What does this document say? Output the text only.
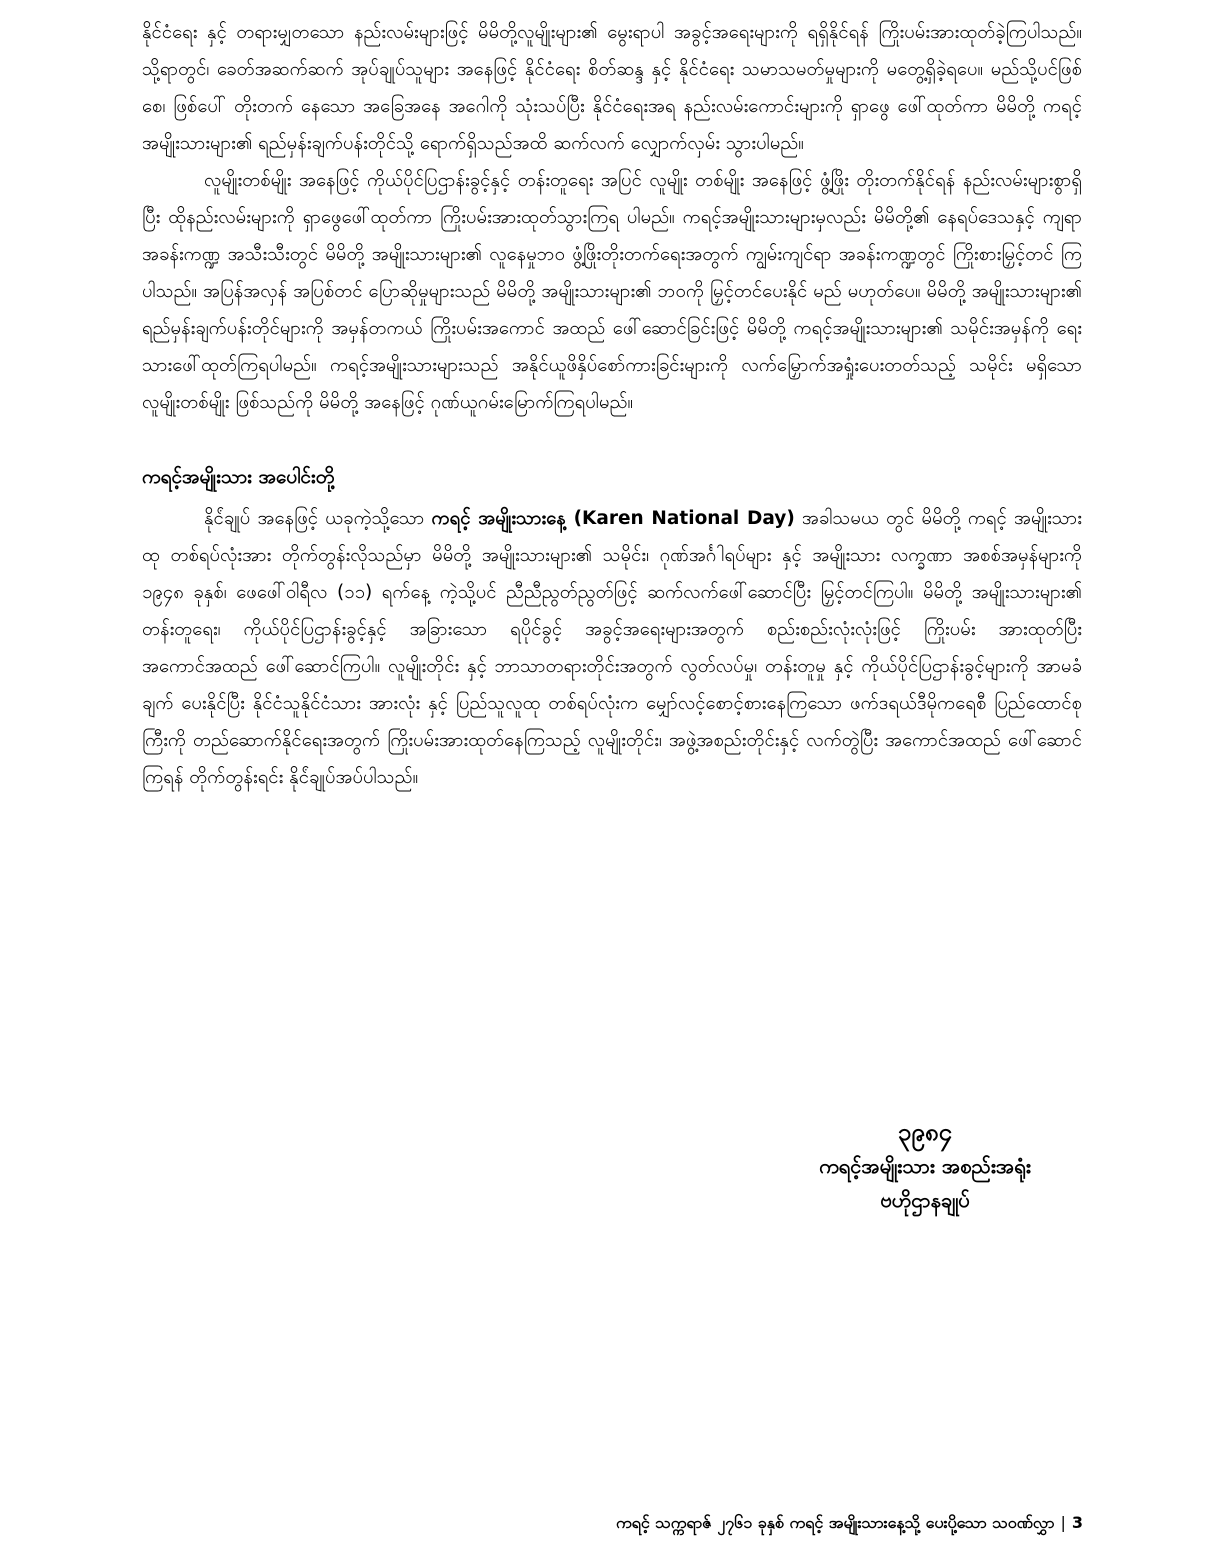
နိုင်ငံရေး နှင့် တရားမျှတသော နည်းလမ်းများဖြင့် မိမိတို့လူမျိုးများ၏ မွေးရာပါ အခွင့်အရေးများကို ရရှိနိုင်ရန် ကြိုးပမ်းအားထုတ်ခဲ့ကြပါသည်။ သို့ရာတွင်၊ ခေတ်အဆက်ဆက် အုပ်ချုပ်သူများ အနေဖြင့် နိုင်ငံရေး စိတ်ဆန္ဒ နှင့် နိုင်ငံရေး သမာသမတ်မှုများကို မတွေ့ရှိခဲ့ရပေ။ မည်သို့ပင်ဖြစ်စေ၊ ဖြစ်ပေါ် တိုးတက် နေသော အခြေအနေ အဂေါကို သုံးသပ်ပြီး နိုင်ငံရေးအရ နည်းလမ်းကောင်းများကို ရှာဖွေ ဖေါ်ထုတ်ကာ မိမိတို့ ကရင့်အမျိုးသားများ၏ ရည်မှန်းချက်ပန်းတိုင်သို့ ရောက်ရှိသည်အထိ ဆက်လက် လျှောက်လှမ်း သွားပါမည်။

လူမျိုးတစ်မျိုး အနေဖြင့် ကိုယ်ပိုင်ပြဌာန်းခွင့်နှင့် တန်းတူရေး အပြင် လူမျိုး တစ်မျိုး အနေဖြင့် ဖွံ့ဖြိုး တိုးတက်နိုင်ရန် နည်းလမ်းများစွာရှိပြီး ထိုနည်းလမ်းများကို ရှာဖွေဖေါ်ထုတ်ကာ ကြိုးပမ်းအားထုတ်သွားကြရ ပါမည်။ ကရင့်အမျိုးသားများမှလည်း မိမိတို့၏ နေရပ်ဒေသနှင့် ကျရာ အခန်းကဏ္ဍ အသီးသီးတွင် မိမိတို့ အမျိုးသားများ၏ လူနေမှုဘဝ ဖွံ့ဖြိုးတိုးတက်ရေးအတွက် ကျွမ်းကျင်ရာ အခန်းကဏ္ဍတွင် ကြိုးစားမြှင့်တင် ကြပါသည်။ အပြန်အလှန် အပြစ်တင် ပြောဆိုမှုများသည် မိမိတို့ အမျိုးသားများ၏ ဘဝကို မြှင့်တင်ပေးနိုင် မည် မဟုတ်ပေ။ မိမိတို့ အမျိုးသားများ၏ ရည်မှန်းချက်ပန်းတိုင်များကို အမှန်တကယ် ကြိုးပမ်းအကောင် အထည် ဖေါ်ဆောင်ခြင်းဖြင့် မိမိတို့ ကရင့်အမျိုးသားများ၏ သမိုင်းအမှန်ကို ရေးသားဖေါ်ထုတ်ကြရပါမည်။ ကရင့်အမျိုးသားများသည် အနိုင်ယူဖိနှိပ်စော်ကားခြင်းများကို လက်မြှောက်အရှုံးပေးတတ်သည့် သမိုင်း မရှိသော လူမျိုးတစ်မျိုး ဖြစ်သည်ကို မိမိတို့ အနေဖြင့် ဂုဏ်ယူဂမ်းမြောက်ကြရပါမည်။

ကရင့်အမျိုးသား အပေါင်းတို့

နိုင်ံချုပ် အနေဖြင့် ယခုကဲ့သို့သော ကရင့် အမျိုးသားနေ့ (Karen National Day) အခါသမယ တွင် မိမိတို့ ကရင့် အမျိုးသားထု တစ်ရပ်လုံးအား တိုက်တွန်းလိုသည်မှာ မိမိတို့ အမျိုးသားများ၏ သမိုင်း၊ ဂုဏ်အင်္ဂါရပ်များ နှင့် အမျိုးသား လက္ခဏာ အစစ်အမှန်များကို ၁၉၄၈ ခုနှစ်၊ ဖေဖေါ်ဝါရီလ (၁၁) ရက်နေ့ ကဲ့သို့ပင် ညီညီညွတ်ညွတ်ဖြင့် ဆက်လက်ဖေါ်ဆောင်ပြီး မြှင့်တင်ကြပါ။ မိမိတို့ အမျိုးသားများ၏ တန်းတူရေး၊ ကိုယ်ပိုင်ပြဌာန်းခွင့်နှင့် အခြားသော ရပိုင်ခွင့် အခွင့်အရေးများအတွက် စည်းစည်းလုံးလုံးဖြင့် ကြိုးပမ်း အားထုတ်ပြီး အကောင်အထည် ဖေါ်ဆောင်ကြပါ။ လူမျိုးတိုင်း နှင့် ဘာသာတရားတိုင်းအတွက် လွတ်လပ်မှု၊ တန်းတူမှု နှင့် ကိုယ်ပိုင်ပြဌာန်းခွင့်များကို အာမခံချက် ပေးနိုင်ပြီး နိုင်ငံသူနိုင်ငံသား အားလုံး နှင့် ပြည်သူလူထု တစ်ရပ်လုံးက မျှော်လင့်စောင့်စားနေကြသော ဖက်ဒရယ်ဒီမိုကရေစီ ပြည်ထောင်စုကြီးကို တည်ဆောက်နိုင်ရေးအတွက် ကြိုးပမ်းအားထုတ်နေကြသည့် လူမျိုးတိုင်း၊ အဖွဲ့အစည်းတိုင်းနှင့် လက်တွဲပြီး အကောင်အထည် ဖေါ်ဆောင်ကြရန် တိုက်တွန်းရင်း နိုင်ံချုပ်အပ်ပါသည်။

၃၉၈၄
ကရင့်အမျိုးသား အစည်းအရုံး
ဗဟိုဌာနချုပ်
ကရင့် သက္ကရာဇ် ၂၇၆၁ ခုနှစ် ကရင့် အမျိုးသားနေ့သို့ ပေးပို့သော သဝဏ်လွှာ | 3
